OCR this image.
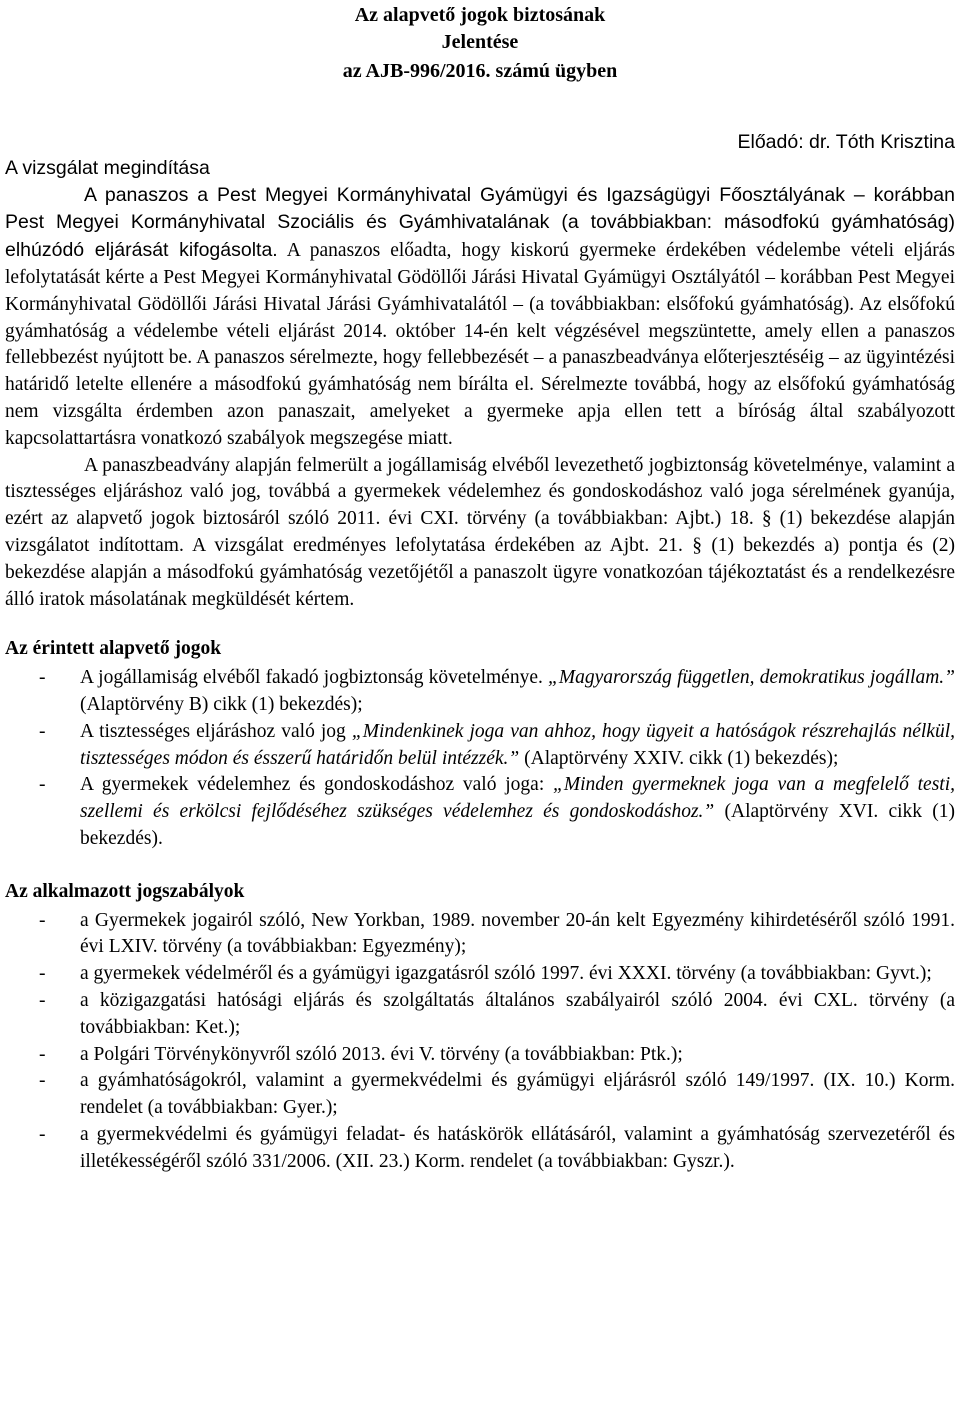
Az alapvető jogok biztosának
Jelentése
az AJB-996/2016. számú ügyben
Előadó: dr. Tóth Krisztina
A vizsgálat megindítása

A panaszos a Pest Megyei Kormányhivatal Gyámügyi és Igazságügyi Főosztályának – korábban Pest Megyei Kormányhivatal Szociális és Gyámhivatalának (a továbbiakban: másodfokú gyámhatóság) elhúzódó eljárását kifogásolta. A panaszos előadta, hogy kiskorú gyermeke érdekében védelembe vételi eljárás lefolytatását kérte a Pest Megyei Kormányhivatal Gödöllői Járási Hivatal Gyámügyi Osztályától – korábban Pest Megyei Kormányhivatal Gödöllői Járási Hivatal Járási Gyámhivatalától – (a továbbiakban: elsőfokú gyámhatóság). Az elsőfokú gyámhatóság a védelembe vételi eljárást 2014. október 14-én kelt végzésével megszüntette, amely ellen a panaszos fellebbezést nyújtott be. A panaszos sérelmezte, hogy fellebbezését – a panaszbeadványa előterjesztéséig – az ügyintézési határidő letelte ellenére a másodfokú gyámhatóság nem bírálta el. Sérelmezte továbbá, hogy az elsőfokú gyámhatóság nem vizsgálta érdemben azon panaszait, amelyeket a gyermeke apja ellen tett a bíróság által szabályozott kapcsolattartásra vonatkozó szabályok megszegése miatt.

A panaszbeadvány alapján felmerült a jogállamiság elvéből levezethető jogbiztonság követelménye, valamint a tisztességes eljáráshoz való jog, továbbá a gyermekek védelemhez és gondoskodáshoz való joga sérelmének gyanúja, ezért az alapvető jogok biztosáról szóló 2011. évi CXI. törvény (a továbbiakban: Ajbt.) 18. § (1) bekezdése alapján vizsgálatot indítottam. A vizsgálat eredményes lefolytatása érdekében az Ajbt. 21. § (1) bekezdés a) pontja és (2) bekezdése alapján a másodfokú gyámhatóság vezetőjétől a panaszolt ügyre vonatkozóan tájékoztatást és a rendelkezésre álló iratok másolatának megküldését kértem.

Az érintett alapvető jogok
- A jogállamiság elvéből fakadó jogbiztonság követelménye. „Magyarország független, demokratikus jogállam.” (Alaptörvény B) cikk (1) bekezdés);
- A tisztességes eljáráshoz való jog „Mindenkinek joga van ahhoz, hogy ügyeit a hatóságok részrehajlás nélkül, tisztességes módon és ésszerű határidőn belül intézzék.” (Alaptörvény XXIV. cikk (1) bekezdés);
- A gyermekek védelemhez és gondoskodáshoz való joga: „Minden gyermeknek joga van a megfelelő testi, szellemi és erkölcsi fejlődéséhez szükséges védelemhez és gondoskodáshoz.” (Alaptörvény XVI. cikk (1) bekezdés).
Az alkalmazott jogszabályok
- a Gyermekek jogairól szóló, New Yorkban, 1989. november 20-án kelt Egyezmény kihirdetéséről szóló 1991. évi LXIV. törvény (a továbbiakban: Egyezmény);
- a gyermekek védelméről és a gyámügyi igazgatásról szóló 1997. évi XXXI. törvény (a továbbiakban: Gyvt.);
- a közigazgatási hatósági eljárás és szolgáltatás általános szabályairól szóló 2004. évi CXL. törvény (a továbbiakban: Ket.);
- a Polgári Törvénykönyvről szóló 2013. évi V. törvény (a továbbiakban: Ptk.);
- a gyámhatóságokról, valamint a gyermekvédelmi és gyámügyi eljárásról szóló 149/1997. (IX. 10.) Korm. rendelet (a továbbiakban: Gyer.);
- a gyermekvédelmi és gyámügyi feladat- és hatáskörök ellátásáról, valamint a gyámhatóság szervezetéről és illetékességéről szóló 331/2006. (XII. 23.) Korm. rendelet (a továbbiakban: Gyszr.).
